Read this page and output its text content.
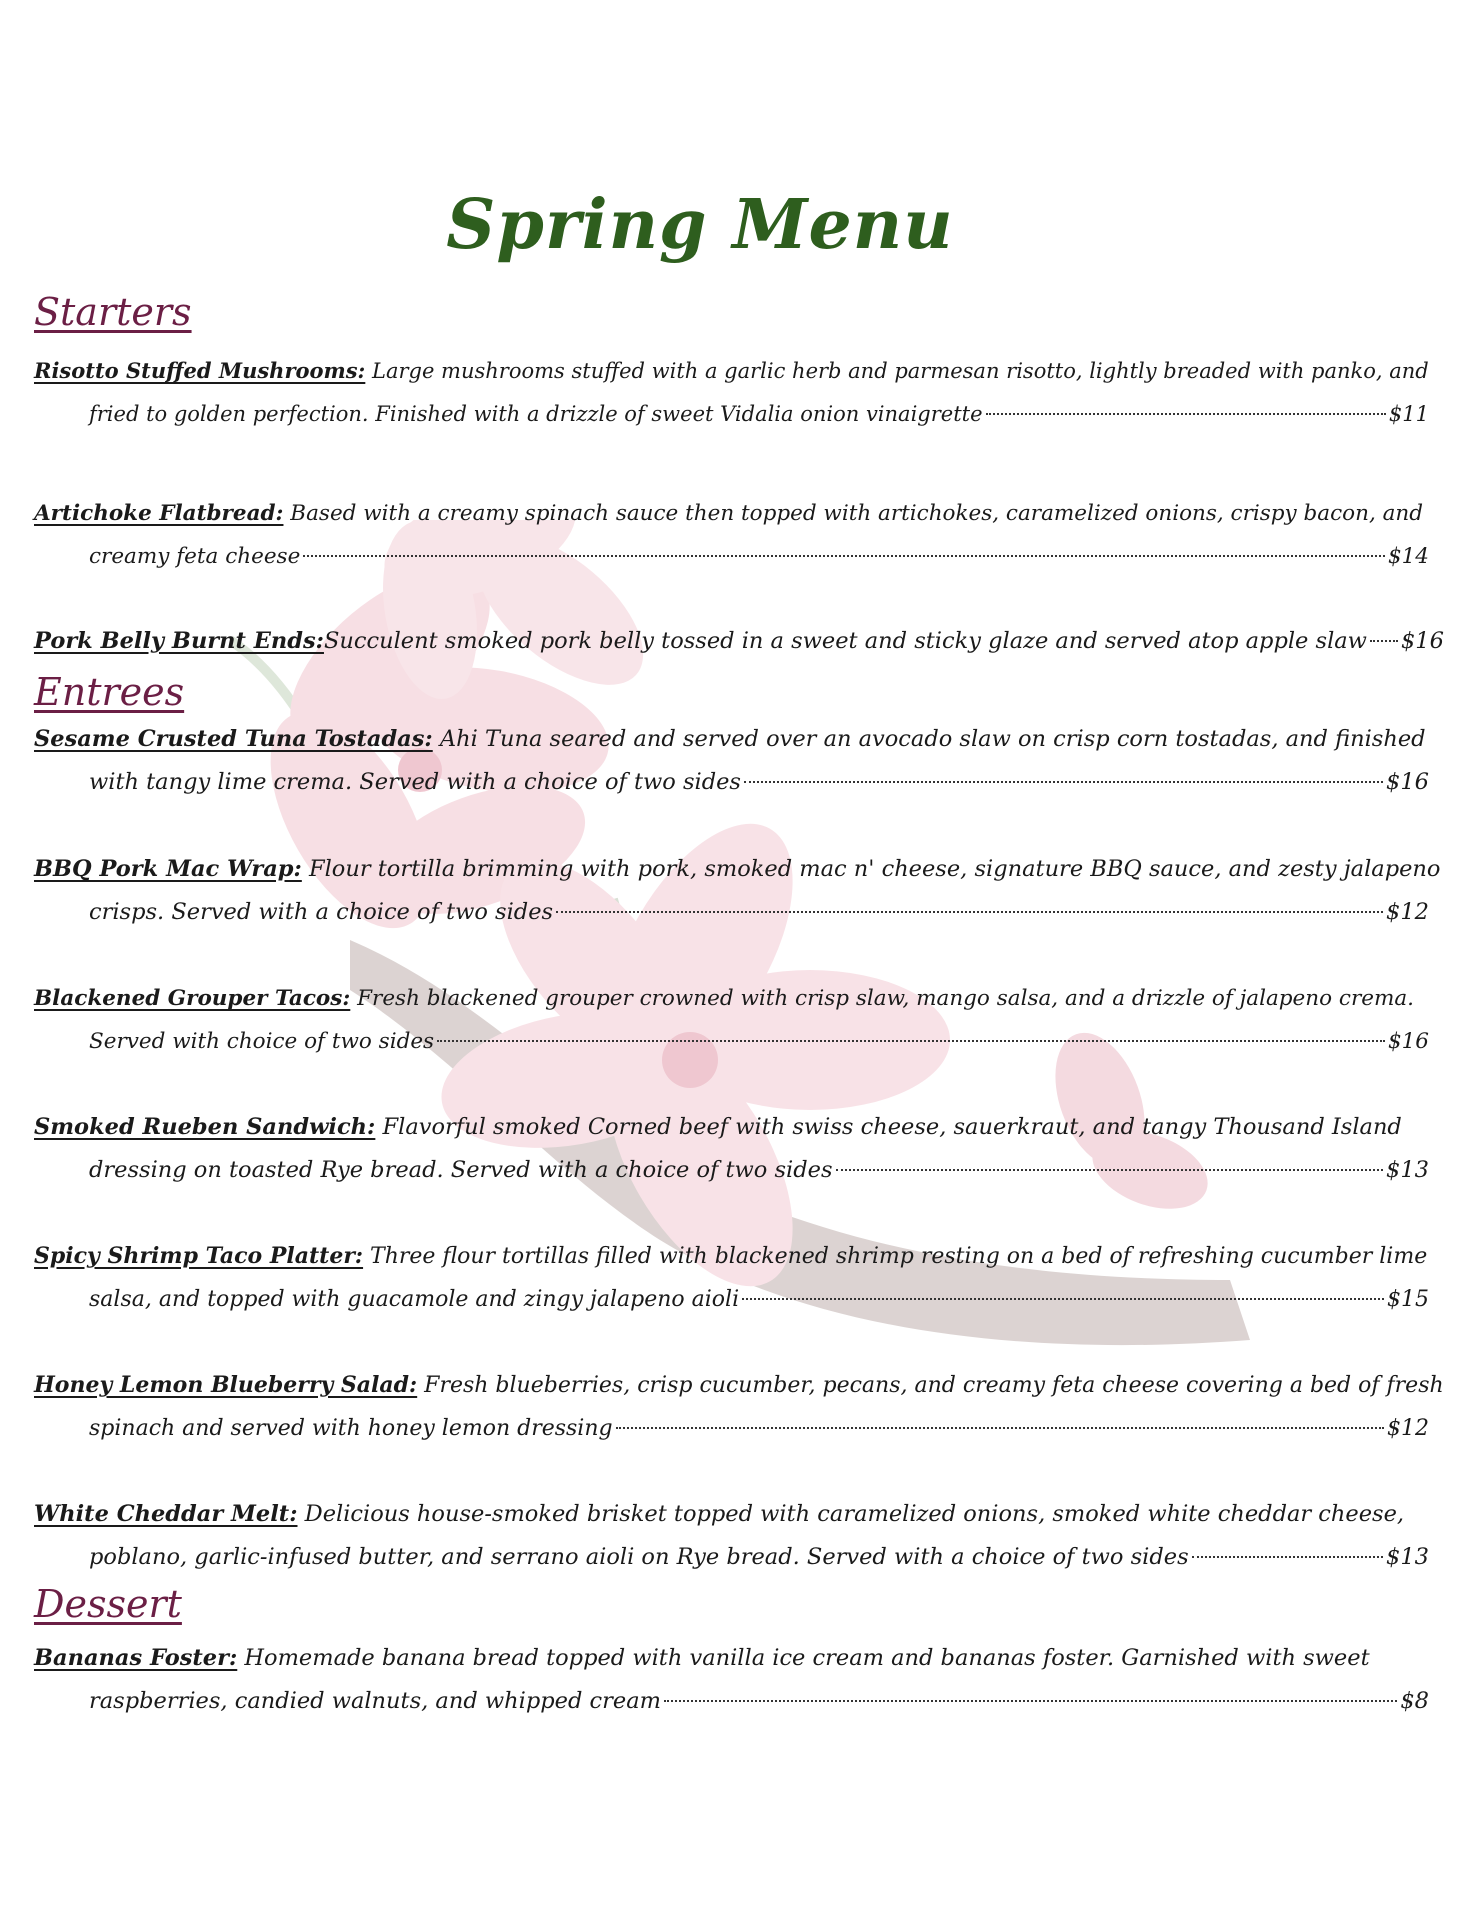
Spring Menu
Starters
Risotto Stuffed Mushrooms: Large mushrooms stuffed with a garlic herb and parmesan risotto, lightly breaded with panko, and
fried to golden perfection. Finished with a drizzle of sweet Vidalia onion vinaigrette	$11
Artichoke Flatbread: Based with a creamy spinach sauce then topped with artichokes, caramelized onions, crispy bacon, and
creamy feta cheese	$14
Pork Belly Burnt Ends: Succulent smoked pork belly tossed in a sweet and sticky glaze and served atop apple slaw $16
Entrees
Sesame Crusted Tuna Tostadas: Ahi Tuna seared and served over an avocado slaw on crisp corn tostadas, and finished
with tangy lime crema. Served with a choice of two sides	$16
BBQ Pork Mac Wrap: Flour tortilla brimming with pork, smoked mac n' cheese, signature BBQ sauce, and zesty jalapeno
crisps. Served with a choice of two sides	$12
Blackened Grouper Tacos: Fresh blackened grouper crowned with crisp slaw, mango salsa, and a drizzle of jalapeno crema.
Served with choice of two sides	$16
Smoked Rueben Sandwich: Flavorful smoked Corned beef with swiss cheese, sauerkraut, and tangy Thousand Island
dressing on toasted Rye bread. Served with a choice of two sides	$13
Spicy Shrimp Taco Platter: Three flour tortillas filled with blackened shrimp resting on a bed of refreshing cucumber lime
salsa, and topped with guacamole and zingy jalapeno aioli	$15
Honey Lemon Blueberry Salad: Fresh blueberries, crisp cucumber, pecans, and creamy feta cheese covering a bed of fresh
spinach and served with honey lemon dressing	$12
White Cheddar Melt: Delicious house-smoked brisket topped with caramelized onions, smoked white cheddar cheese,
poblano, garlic-infused butter, and serrano aioli on Rye bread. Served with a choice of two sides	$13
Dessert
Bananas Foster: Homemade banana bread topped with vanilla ice cream and bananas foster. Garnished with sweet
raspberries, candied walnuts, and whipped cream	$8
